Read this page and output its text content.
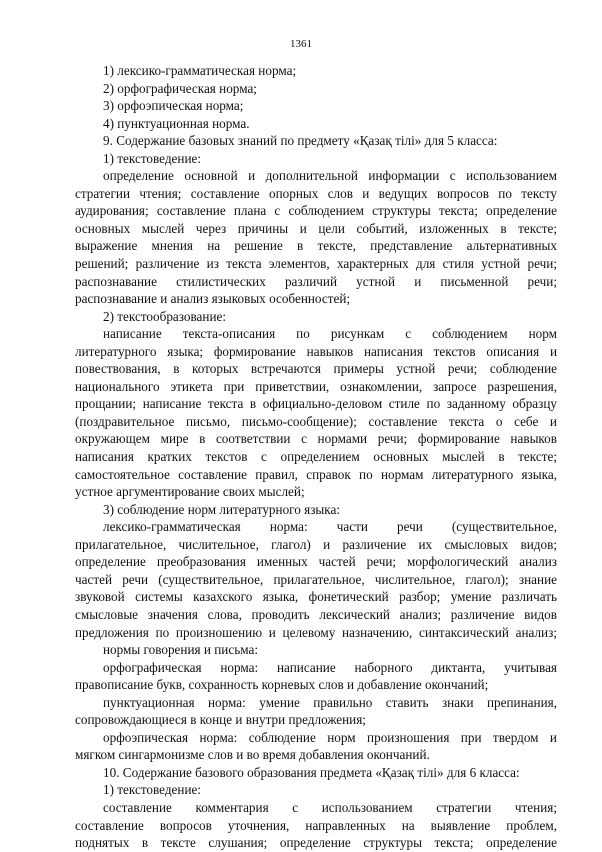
1361
1) лексико-грамматическая норма;
2) орфографическая норма;
3) орфоэпическая норма;
4) пунктуационная норма.
9. Содержание базовых знаний по предмету «Қазақ тілі» для 5 класса:
1) текстоведение:
определение основной и дополнительной информации с использованием
стратегии чтения; составление опорных слов и ведущих вопросов по тексту
аудирования; составление плана с соблюдением структуры текста; определение
основных мыслей через причины и цели событий, изложенных в тексте;
выражение мнения на решение в тексте, представление альтернативных
решений; различение из текста элементов, характерных для стиля устной речи;
распознавание стилистических различий устной и письменной речи;
распознавание и анализ языковых особенностей;
2) текстообразование:
написание текста-описания по рисункам с соблюдением норм
литературного языка; формирование навыков написания текстов описания и
повествования, в которых встречаются примеры устной речи; соблюдение
национального этикета при приветствии, ознакомлении, запросе разрешения,
прощании; написание текста в официально-деловом стиле по заданному образцу
(поздравительное письмо, письмо-сообщение); составление текста о себе и
окружающем мире в соответствии с нормами речи; формирование навыков
написания кратких текстов с определением основных мыслей в тексте;
самостоятельное составление правил, справок по нормам литературного языка,
устное аргументирование своих мыслей;
3) соблюдение норм литературного языка:
лексико-грамматическая норма: части речи (существительное,
прилагательное, числительное, глагол) и различение их смысловых видов;
определение преобразования именных частей речи; морфологический анализ
частей речи (существительное, прилагательное, числительное, глагол); знание
звуковой системы казахского языка, фонетический разбор; умение различать
смысловые значения слова, проводить лексический анализ; различение видов
предложения по произношению и целевому назначению, синтаксический анализ;
нормы говорения и письма:
орфографическая норма: написание наборного диктанта, учитывая
правописание букв, сохранность корневых слов и добавление окончаний;
пунктуационная норма: умение правильно ставить знаки препинания,
сопровождающиеся в конце и внутри предложения;
орфоэпическая норма: соблюдение норм произношения при твердом и
мягком сингармонизме слов и во время добавления окончаний.
10. Содержание базового образования предмета «Қазақ тілі» для 6 класса:
1) текстоведение:
составление комментария с использованием стратегии чтения;
составление вопросов уточнения, направленных на выявление проблем,
поднятых в тексте слушания; определение структуры текста; определение
